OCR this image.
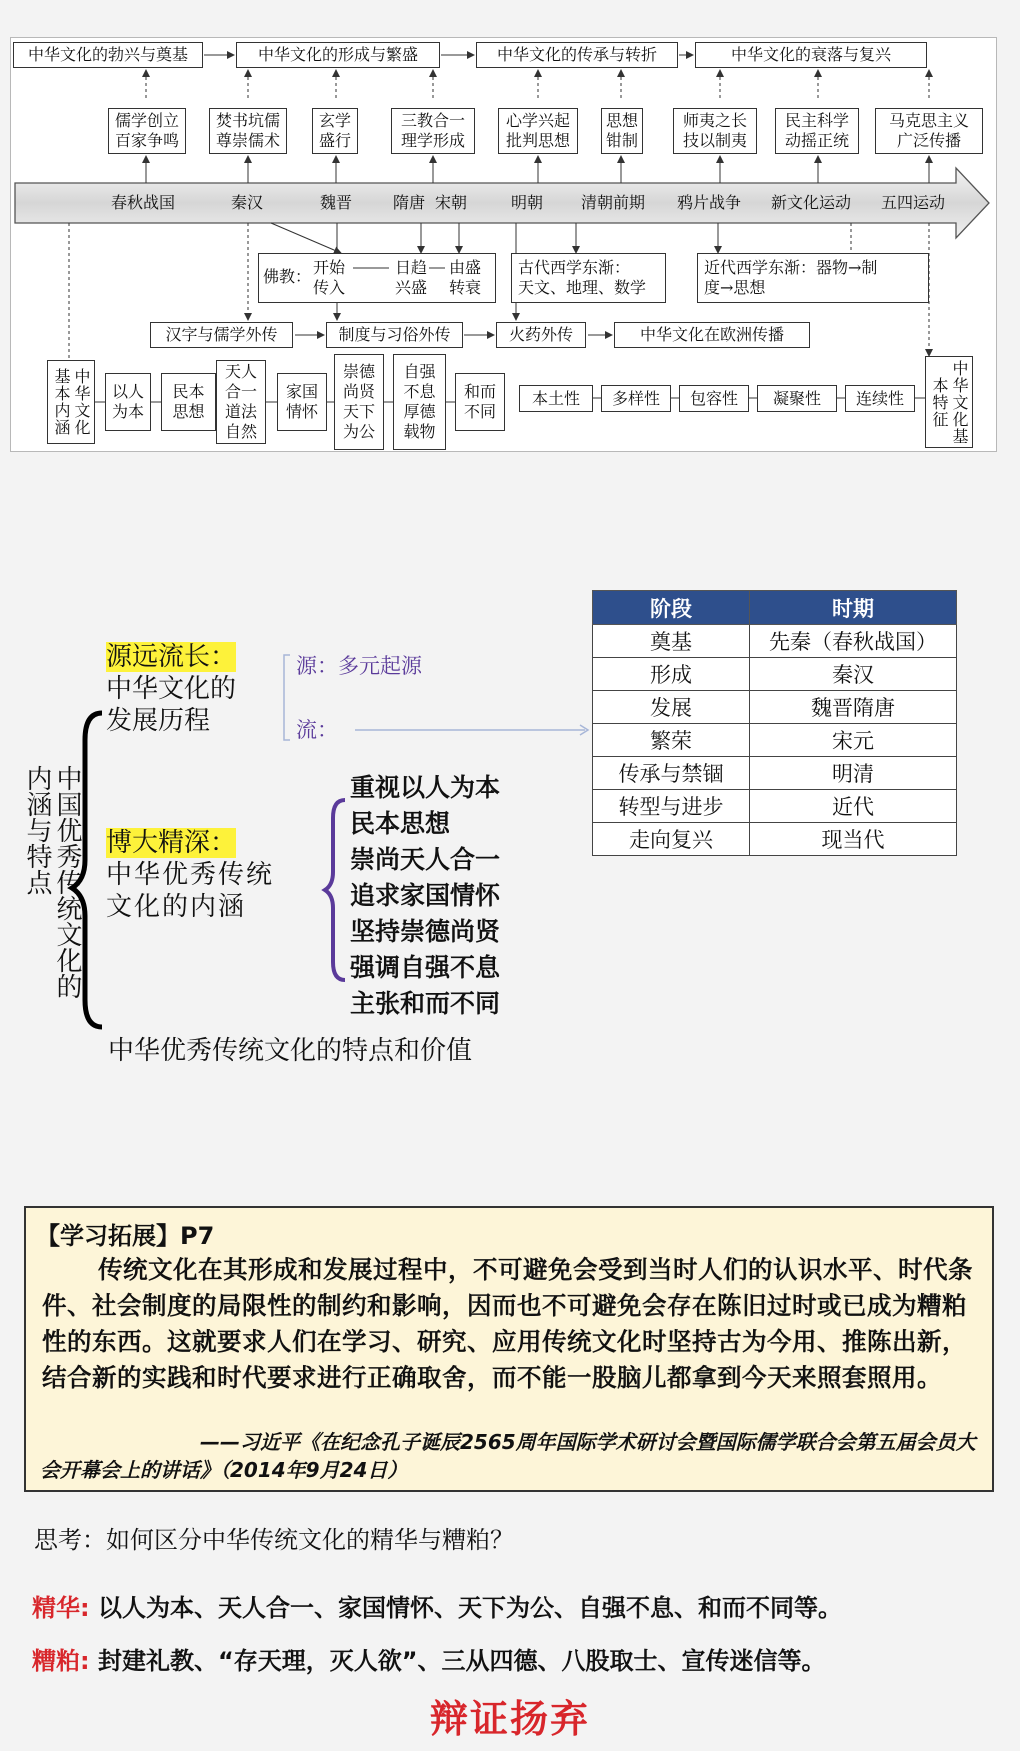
中华文化的勃兴与奠基	中华文化的形成与繁盛	中华文化的传承与转折	中华文化的衰落与复兴
儒学创立
百家争鸣
焚书坑儒
尊崇儒术
玄学
盛行
三教合一
理学形成
心学兴起
批判思想
思想
钳制
师夷之长
技以制夷
民主科学
动摇正统
马克思主义
广泛传播
春秋战国	秦汉	魏晋	隋唐 宋朝	明朝 清朝前期 鸦片战争 新文化运动 五四运动
佛教： 开始
传入
日趋
兴盛
由盛
转衰
古代西学东渐：
天文、地理、数学
近代西学东渐：器物→制
度→思想
汉字与儒学外传	制度与习俗外传	火药外传	中华文化在欧洲传播
中华文化基本内涵	以人
为本
民本
思想
天人
合一
道法
自然
家国
情怀
崇德
尚贤
天下
为公
自强
不息
厚德
载物
和而
不同
本土性	多样性	包容性	凝聚性	连续性	中华文化基本特征
中国优秀传统文化的内涵与特点
源远流长：
中华文化的
发展历程
源：多元起源
流：
博大精深：
中华优秀传统
文化的内涵
重视以人为本
民本思想
崇尚天人合一
追求家国情怀
坚持崇德尚贤
强调自强不息
主张和而不同
中华优秀传统文化的特点和价值
阶段	时期
奠基	先秦（春秋战国）
形成	秦汉
发展	魏晋隋唐
繁荣	宋元
传承与禁锢	明清
转型与进步	近代
走向复兴	现当代
【学习拓展】P7
传统文化在其形成和发展过程中，不可避免会受到当时人们的认识水平、时代条件、社会制度的局限性的制约和影响，因而也不可避免会存在陈旧过时或已成为糟粕性的东西。这就要求人们在学习、研究、应用传统文化时坚持古为今用、推陈出新，结合新的实践和时代要求进行正确取舍，而不能一股脑儿都拿到今天来照套照用。
——习近平《在纪念孔子诞辰2565周年国际学术研讨会暨国际儒学联合会第五届会员大会开幕会上的讲话》（2014年9月24日）
思考：如何区分中华传统文化的精华与糟粕？
精华: 以人为本、天人合一、家国情怀、天下为公、自强不息、和而不同等。
糟粕: 封建礼教、“存天理，灭人欲”、三从四德、八股取士、宣传迷信等。
辩证扬弃
